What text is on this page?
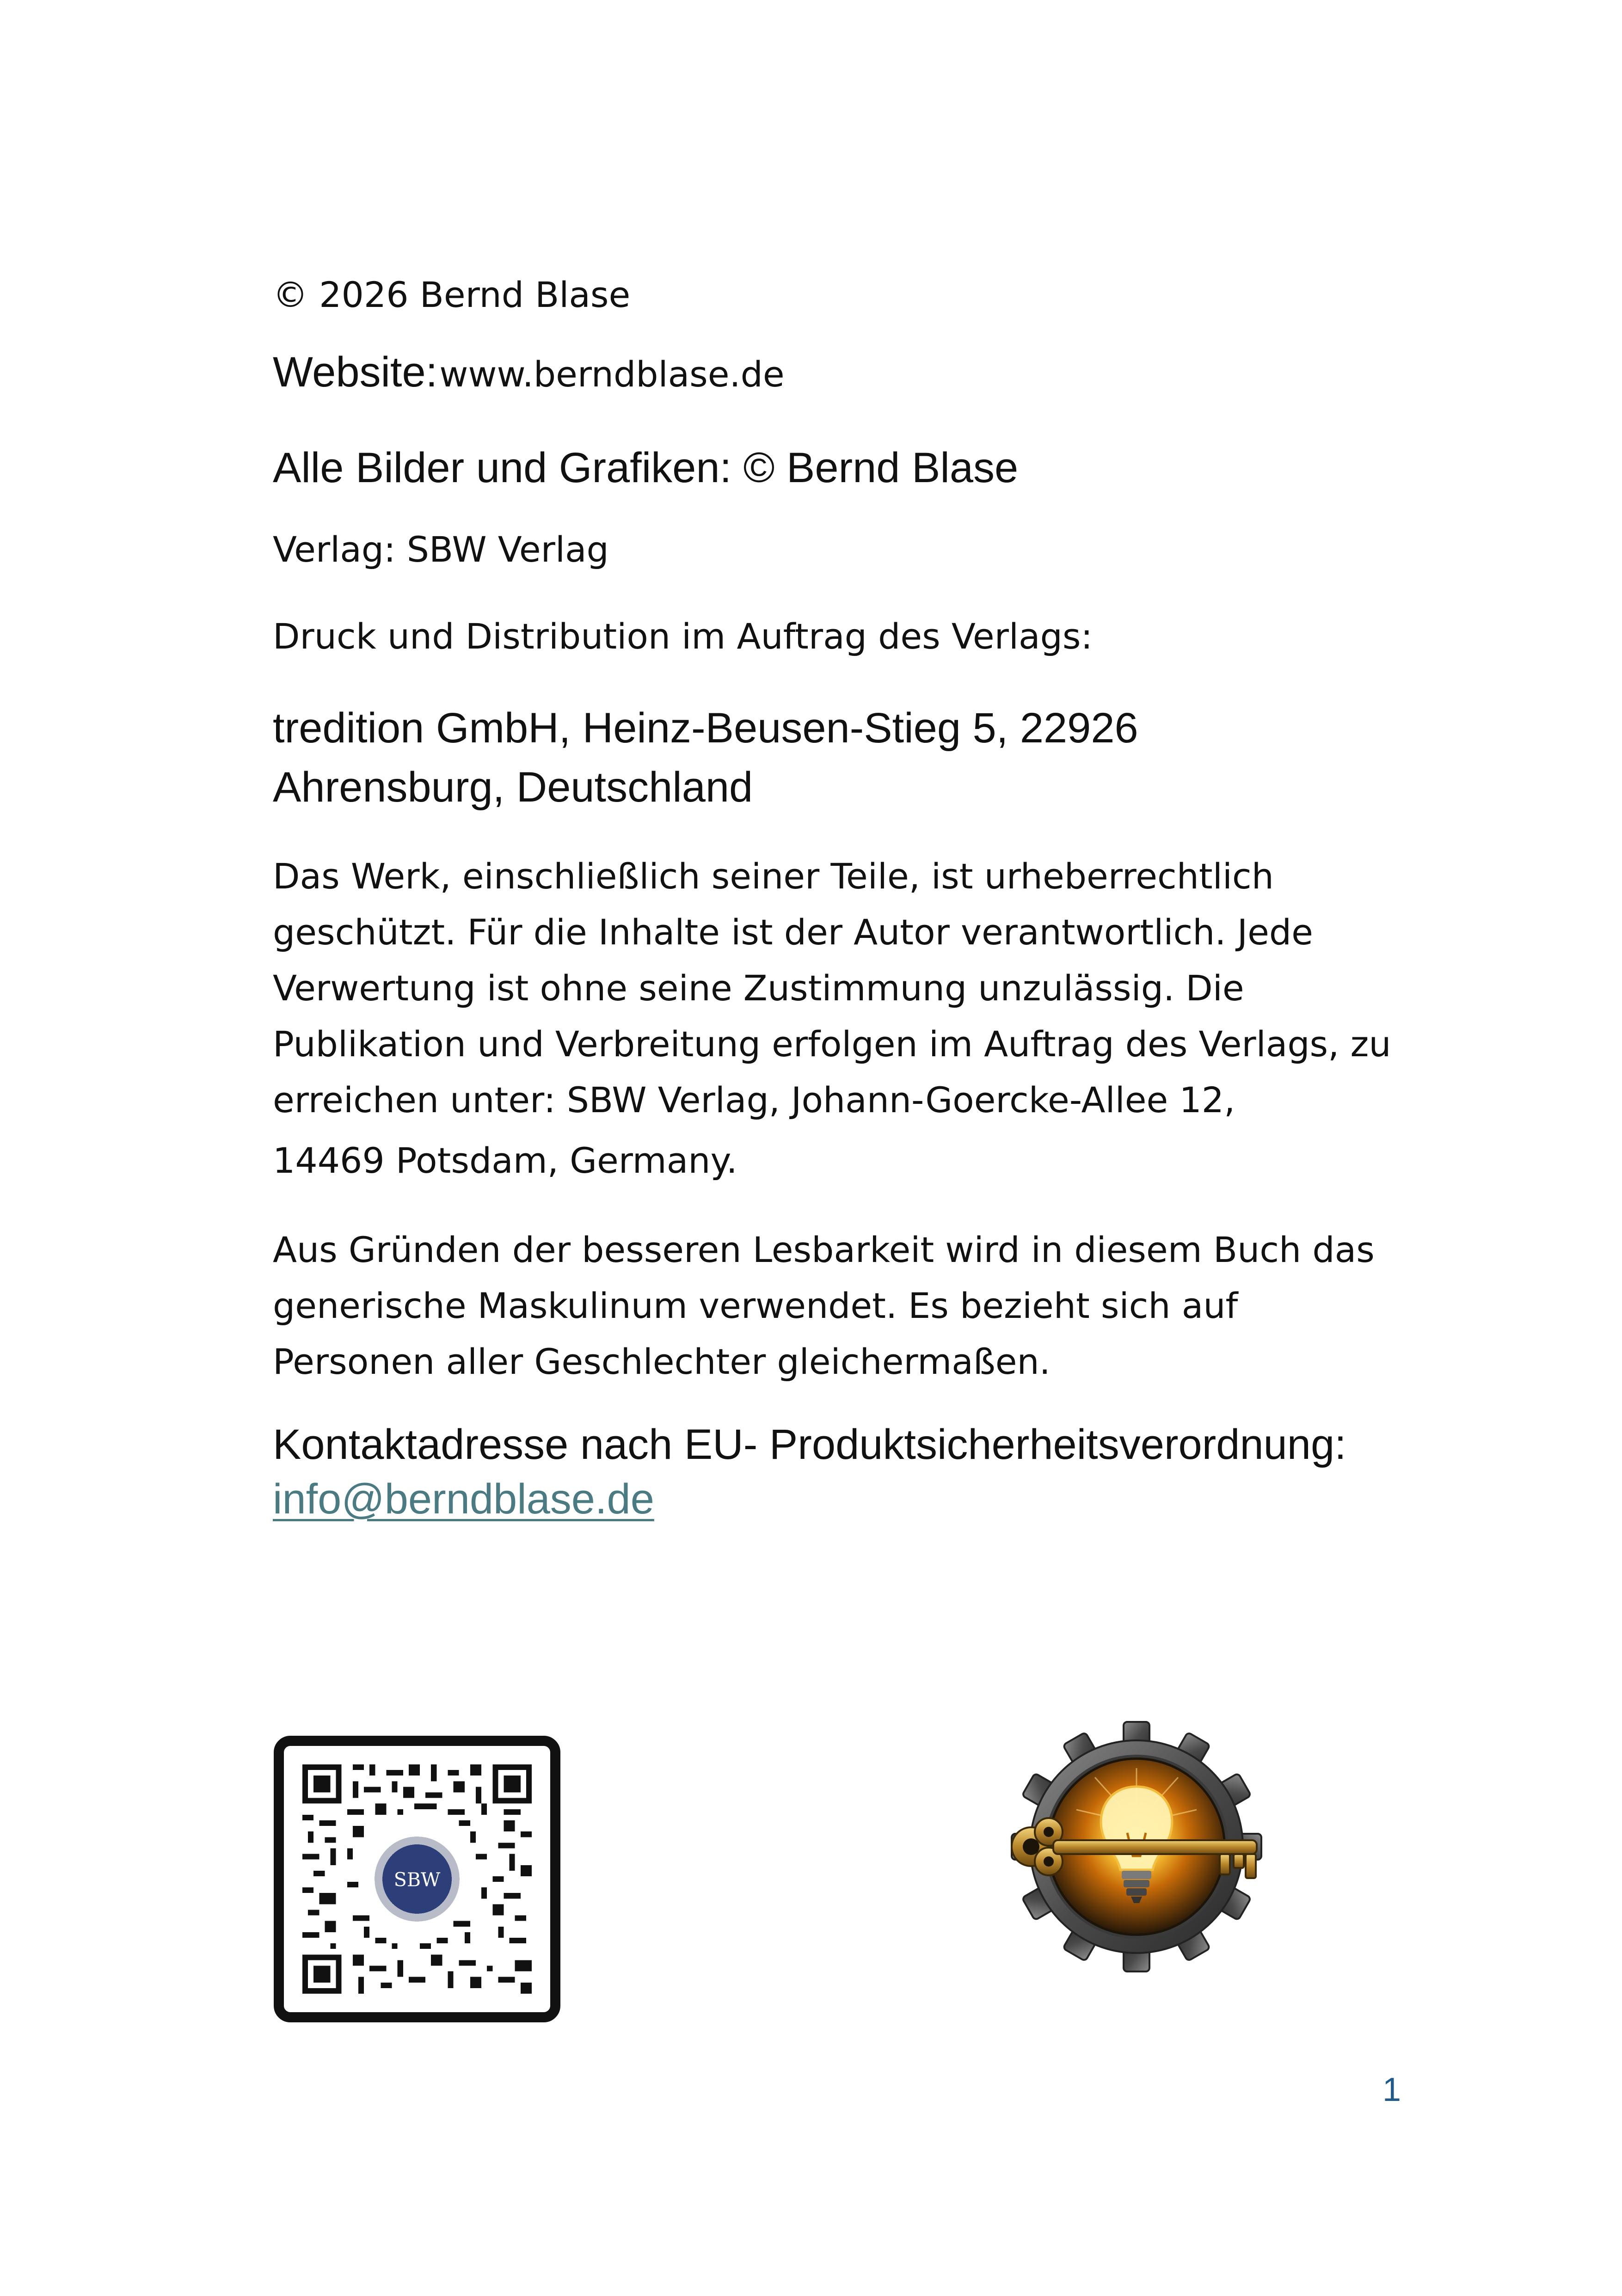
© 2026 Bernd Blase

Website: www.berndblase.de

Alle Bilder und Grafiken: © Bernd Blase

Verlag: SBW Verlag

Druck und Distribution im Auftrag des Verlags:

tredition GmbH, Heinz-Beusen-Stieg 5, 22926
Ahrensburg, Deutschland

Das Werk, einschließlich seiner Teile, ist urheberrechtlich geschützt. Für die Inhalte ist der Autor verantwortlich. Jede Verwertung ist ohne seine Zustimmung unzulässig. Die Publikation und Verbreitung erfolgen im Auftrag des Verlags, zu erreichen unter: SBW Verlag, Johann-Goercke-Allee 12,
14469 Potsdam, Germany.

Aus Gründen der besseren Lesbarkeit wird in diesem Buch das generische Maskulinum verwendet. Es bezieht sich auf Personen aller Geschlechter gleichermaßen.

Kontaktadresse nach EU- Produktsicherheitsverordnung:
info@berndblase.de

SBW
1
